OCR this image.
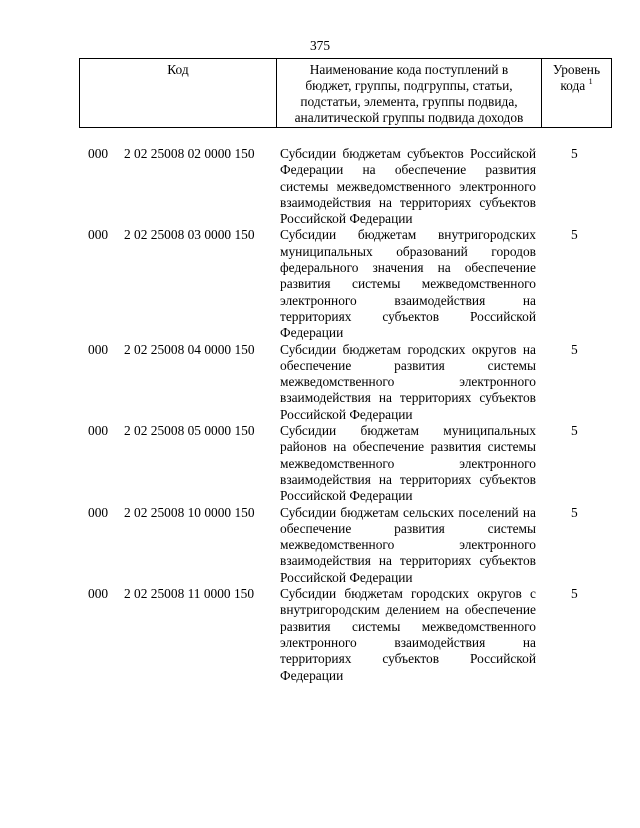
375
Код	Наименование кода поступлений в
бюджет, группы, подгруппы, статьи,
подстатьи, элемента, группы подвида,
аналитической группы подвида доходов
Уровень
кода $^1$
000 2 02 25008 02 0000 150 Субсидии бюджетам субъектов Российской Федерации на обеспечение развития системы межведомственного электронного взаимодействия на территориях субъектов Российской Федерации
5
000 2 02 25008 03 0000 150 Субсидии бюджетам внутригородских муниципальных образований городов федерального значения на обеспечение развития системы межведомственного электронного взаимодействия на территориях субъектов Российской Федерации
5
000 2 02 25008 04 0000 150 Субсидии бюджетам городских округов на обеспечение развития системы межведомственного электронного взаимодействия на территориях субъектов Российской Федерации
5
000 2 02 25008 05 0000 150 Субсидии бюджетам муниципальных районов на обеспечение развития системы межведомственного электронного взаимодействия на территориях субъектов Российской Федерации
5
000 2 02 25008 10 0000 150 Субсидии бюджетам сельских поселений на обеспечение развития системы межведомственного электронного взаимодействия на территориях субъектов Российской Федерации
5
000 2 02 25008 11 0000 150 Субсидии бюджетам городских округов с внутригородским делением на обеспечение развития системы межведомственного электронного взаимодействия на территориях субъектов Российской Федерации
5
